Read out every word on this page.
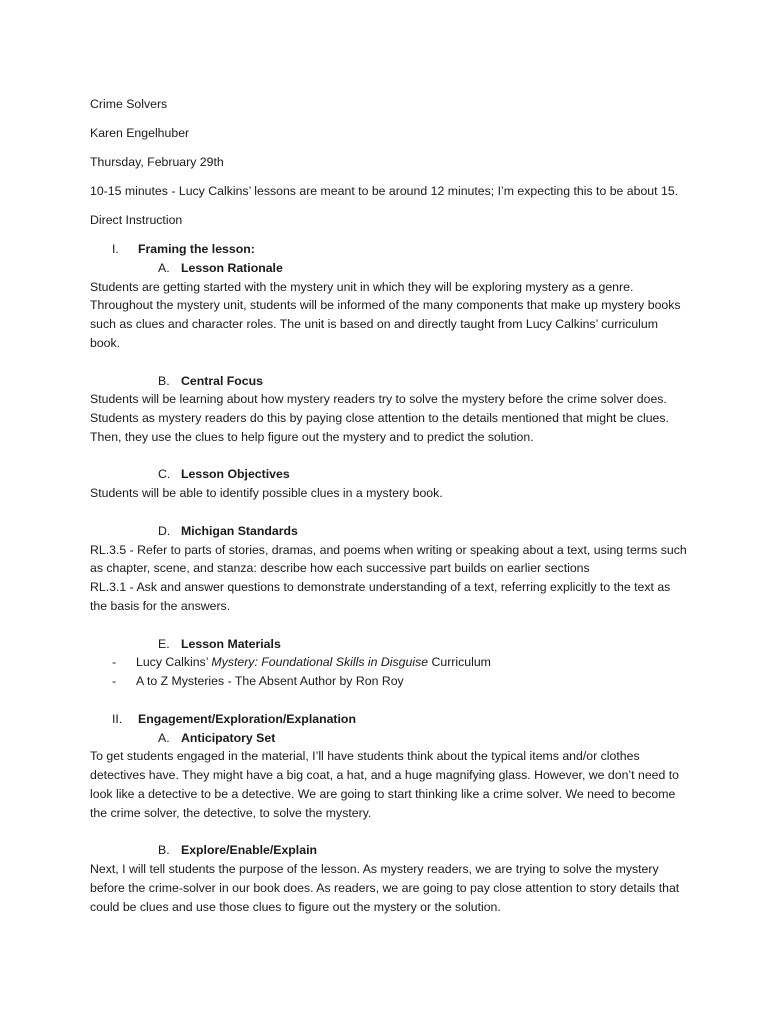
Crime Solvers

Karen Engelhuber

Thursday, February 29th

10-15 minutes - Lucy Calkins’ lessons are meant to be around 12 minutes; I’m expecting this to be about 15.

Direct Instruction

I. Framing the lesson:
A. Lesson Rationale

Students are getting started with the mystery unit in which they will be exploring mystery as a genre. Throughout the mystery unit, students will be informed of the many components that make up mystery books such as clues and character roles. The unit is based on and directly taught from Lucy Calkins’ curriculum book.

B. Central Focus

Students will be learning about how mystery readers try to solve the mystery before the crime solver does. Students as mystery readers do this by paying close attention to the details mentioned that might be clues. Then, they use the clues to help figure out the mystery and to predict the solution.

C. Lesson Objectives

Students will be able to identify possible clues in a mystery book.

D. Michigan Standards

RL.3.5 - Refer to parts of stories, dramas, and poems when writing or speaking about a text, using terms such as chapter, scene, and stanza: describe how each successive part builds on earlier sections

RL.3.1 - Ask and answer questions to demonstrate understanding of a text, referring explicitly to the text as the basis for the answers.

E. Lesson Materials
- Lucy Calkins’ Mystery: Foundational Skills in Disguise Curriculum
- A to Z Mysteries - The Absent Author by Ron Roy
II. Engagement/Exploration/Explanation
A. Anticipatory Set

To get students engaged in the material, I’ll have students think about the typical items and/or clothes detectives have. They might have a big coat, a hat, and a huge magnifying glass. However, we don’t need to look like a detective to be a detective. We are going to start thinking like a crime solver. We need to become the crime solver, the detective, to solve the mystery.

B. Explore/Enable/Explain

Next, I will tell students the purpose of the lesson. As mystery readers, we are trying to solve the mystery before the crime-solver in our book does. As readers, we are going to pay close attention to story details that could be clues and use those clues to figure out the mystery or the solution.
